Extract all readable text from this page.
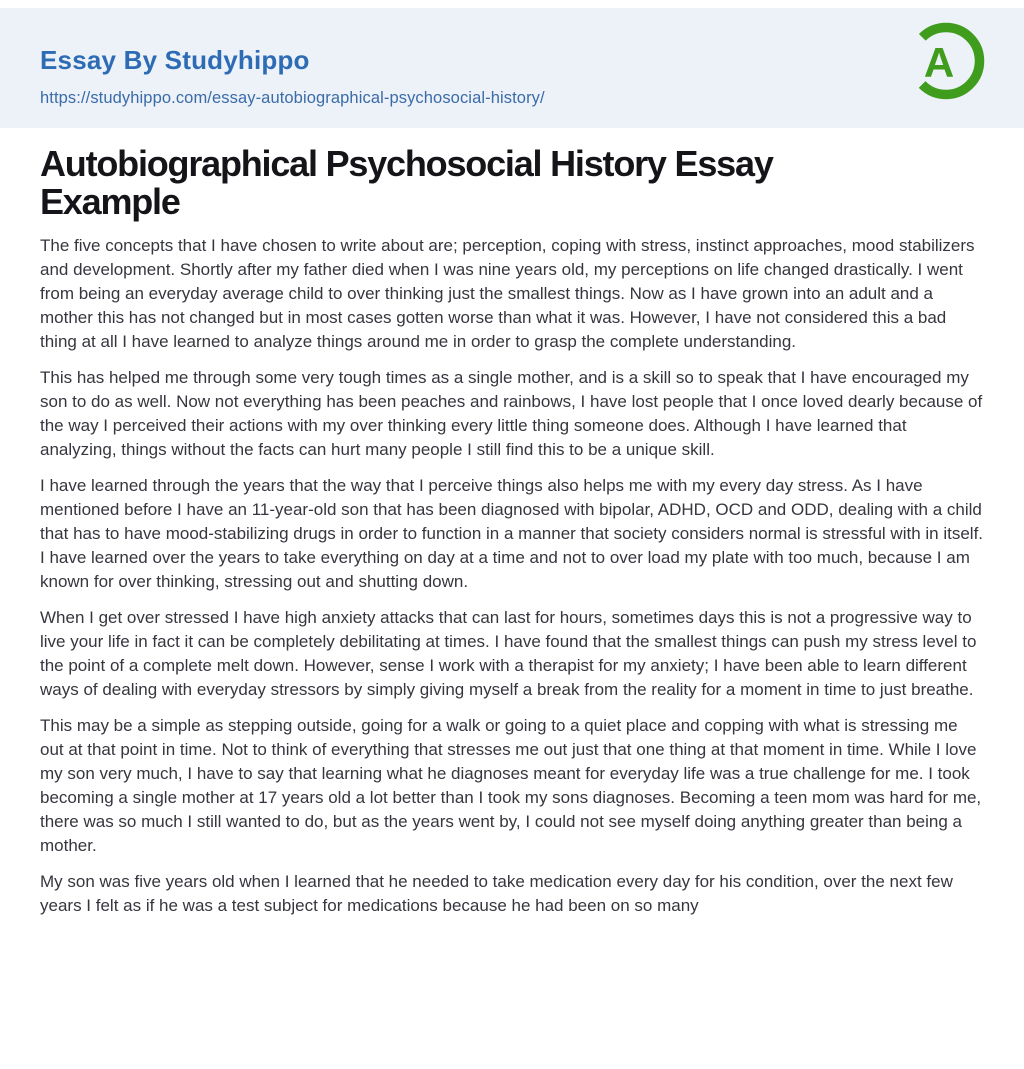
Essay By Studyhippo
https://studyhippo.com/essay-autobiographical-psychosocial-history/
A
Autobiographical Psychosocial History Essay
Example

The five concepts that I have chosen to write about are; perception, coping with stress, instinct approaches, mood stabilizers and development. Shortly after my father died when I was nine years old, my perceptions on life changed drastically. I went from being an everyday average child to over thinking just the smallest things. Now as I have grown into an adult and a mother this has not changed but in most cases gotten worse than what it was. However, I have not considered this a bad thing at all I have learned to analyze things around me in order to grasp the complete understanding.

This has helped me through some very tough times as a single mother, and is a skill so to speak that I have encouraged my son to do as well. Now not everything has been peaches and rainbows, I have lost people that I once loved dearly because of the way I perceived their actions with my over thinking every little thing someone does. Although I have learned that analyzing, things without the facts can hurt many people I still find this to be a unique skill.

I have learned through the years that the way that I perceive things also helps me with my every day stress. As I have mentioned before I have an 11-year-old son that has been diagnosed with bipolar, ADHD, OCD and ODD, dealing with a child that has to have mood-stabilizing drugs in order to function in a manner that society considers normal is stressful with in itself. I have learned over the years to take everything on day at a time and not to over load my plate with too much, because I am known for over thinking, stressing out and shutting down.

When I get over stressed I have high anxiety attacks that can last for hours, sometimes days this is not a progressive way to live your life in fact it can be completely debilitating at times. I have found that the smallest things can push my stress level to the point of a complete melt down. However, sense I work with a therapist for my anxiety; I have been able to learn different ways of dealing with everyday stressors by simply giving myself a break from the reality for a moment in time to just breathe.

This may be a simple as stepping outside, going for a walk or going to a quiet place and copping with what is stressing me out at that point in time. Not to think of everything that stresses me out just that one thing at that moment in time. While I love my son very much, I have to say that learning what he diagnoses meant for everyday life was a true challenge for me. I took becoming a single mother at 17 years old a lot better than I took my sons diagnoses. Becoming a teen mom was hard for me, there was so much I still wanted to do, but as the years went by, I could not see myself doing anything greater than being a mother.

My son was five years old when I learned that he needed to take medication every day for his condition, over the next few years I felt as if he was a test subject for medications because he had been on so many
